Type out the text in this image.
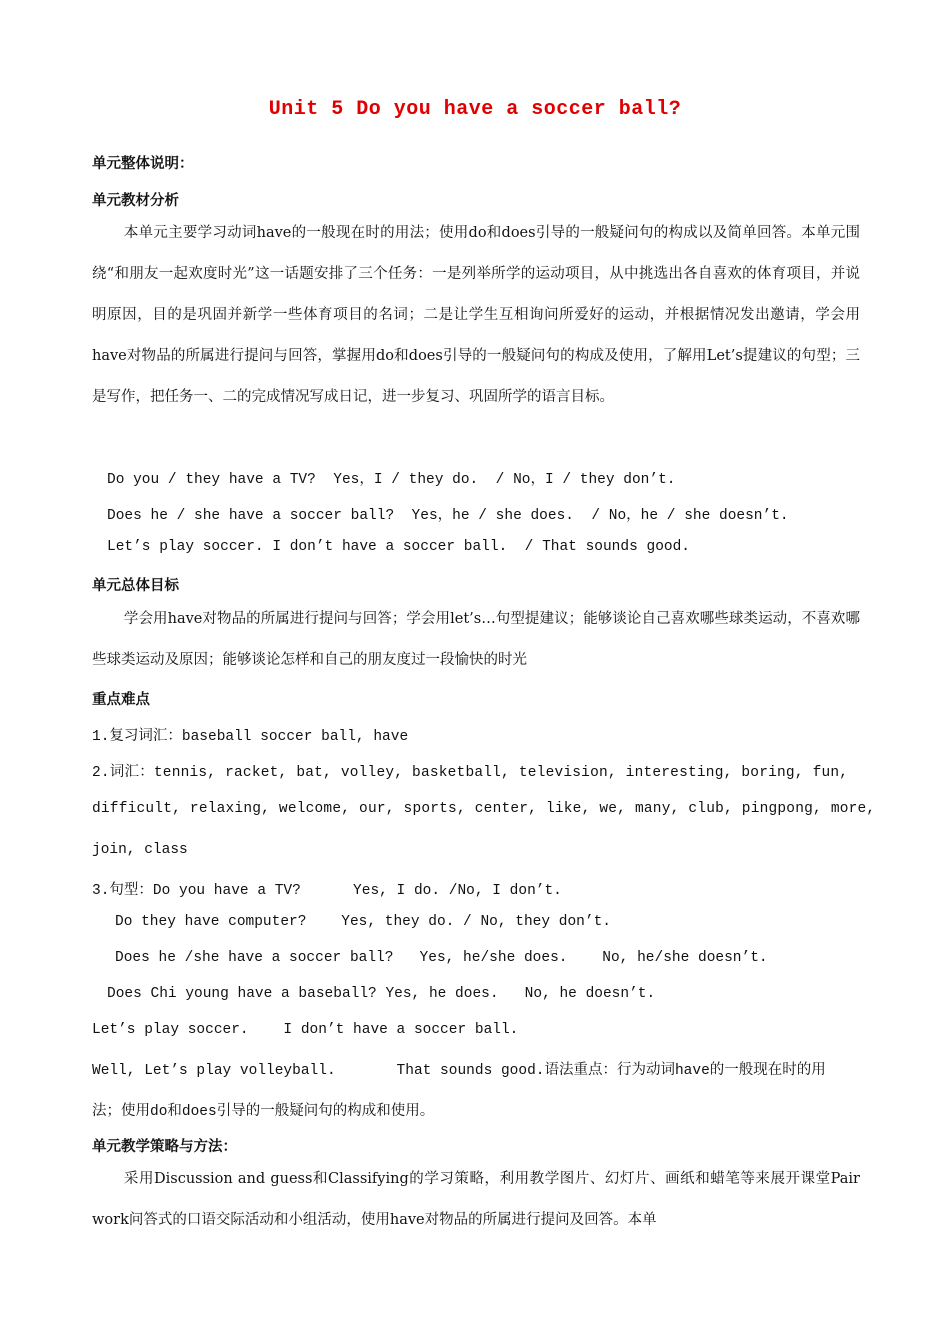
Unit 5 Do you have a soccer ball?
单元整体说明：
单元教材分析
本单元主要学习动词have的一般现在时的用法；使用do和does引导的一般疑问句的构成以及简单回答。本单元围绕“和朋友一起欢度时光”这一话题安排了三个任务：一是列举所学的运动项目，从中挑选出各自喜欢的体育项目，并说明原因，目的是巩固并新学一些体育项目的名词；二是让学生互相询问所爱好的运动，并根据情况发出邀请，学会用have对物品的所属进行提问与回答，掌握用do和does引导的一般疑问句的构成及使用，了解用Let’s提建议的句型；三是写作，把任务一、二的完成情况写成日记，进一步复习、巩固所学的语言目标。
Do you / they have a TV?  Yes，I / they do.  / No，I / they don’t.
Does he / she have a soccer ball?  Yes，he / she does.  / No，he / she doesn’t.
Let’s play soccer. I don’t have a soccer ball.  / That sounds good.
单元总体目标
学会用have对物品的所属进行提问与回答；学会用let’s…句型提建议；能够谈论自己喜欢哪些球类运动，不喜欢哪些球类运动及原因；能够谈论怎样和自己的朋友度过一段愉快的时光
重点难点
1.复习词汇：baseball soccer ball, have
2.词汇：tennis, racket, bat, volley, basketball, television, interesting, boring, fun,
difficult, relaxing, welcome, our, sports, center, like, we, many, club, pingpong, more,
join, class
3.句型：Do you have a TV?      Yes, I do. /No, I don’t.
Do they have computer?    Yes, they do. / No, they don’t.
Does he /she have a soccer ball?   Yes, he/she does.    No, he/she doesn’t.
Does Chi young have a baseball? Yes, he does.   No, he doesn’t.
Let’s play soccer.    I don’t have a soccer ball.
Well, Let’s play volleyball.       That sounds good.语法重点：行为动词have的一般现在时的用
法；使用do和does引导的一般疑问句的构成和使用。
单元教学策略与方法：
采用Discussion and guess和Classifying的学习策略，利用教学图片、幻灯片、画纸和蜡笔等来展开课堂Pair work问答式的口语交际活动和小组活动，使用have对物品的所属进行提问及回答。本单
